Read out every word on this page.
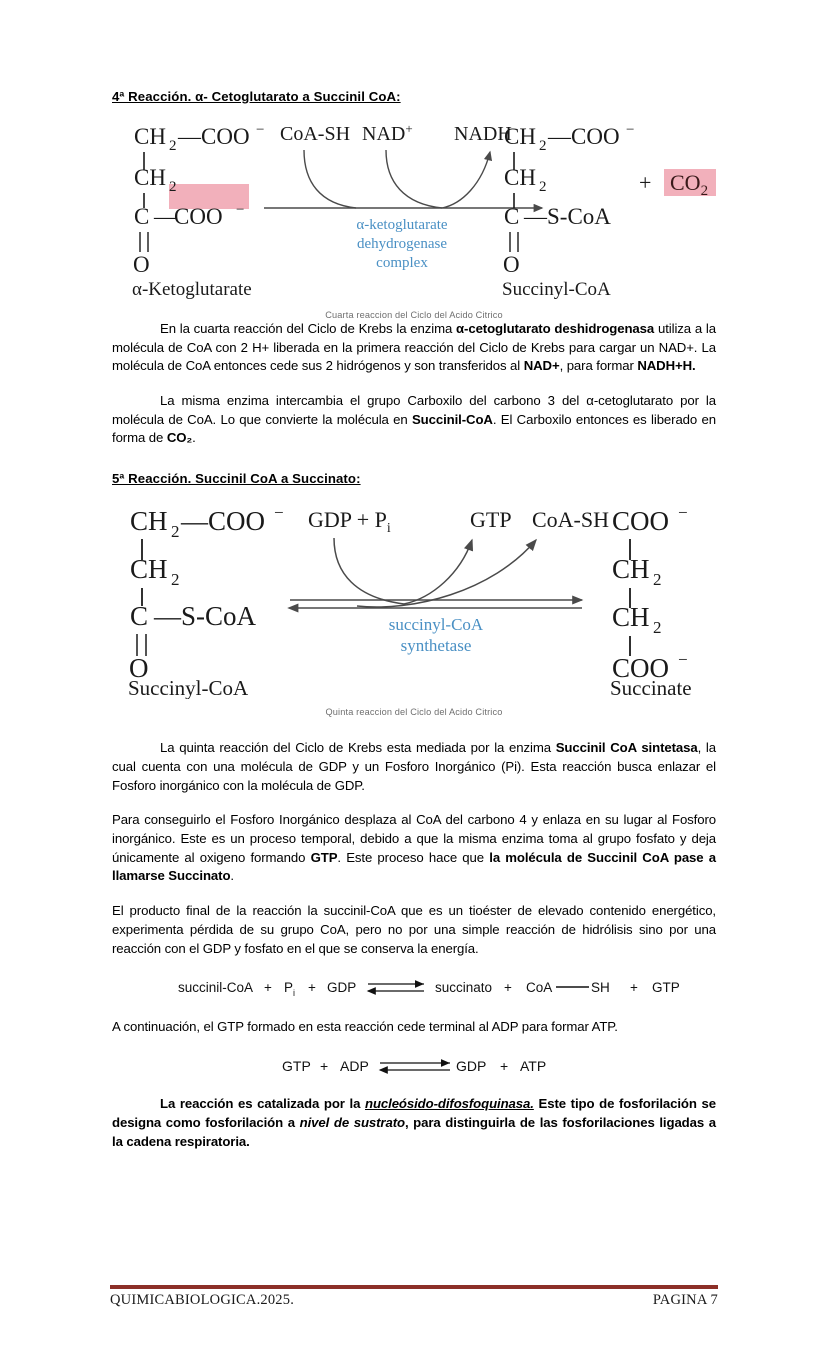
4ª Reacción. α- Cetoglutarato a Succinil CoA:
CH 2 —COO −
CH 2
C —
COO −
O
α-Ketoglutarate
CoA-SH NAD+ NADH
α-ketoglutarate
dehydrogenase
complex
CH 2 —COO −
CH 2
C —S-CoA
O
Succinyl-CoA
+ $CO_2$
Cuarta reaccion del Ciclo del Acido Citrico

En la cuarta reacción del Ciclo de Krebs la enzima α-cetoglutarato deshidrogenasa utiliza a la molécula de CoA con 2 H+ liberada en la primera reacción del Ciclo de Krebs para cargar un NAD+. La molécula de CoA entonces cede sus 2 hidrógenos y son transferidos al NAD+, para formar NADH+H.

La misma enzima intercambia el grupo Carboxilo del carbono 3 del α-cetoglutarato por la molécula de CoA. Lo que convierte la molécula en Succinil-CoA. El Carboxilo entonces es liberado en forma de CO₂.

5ª Reacción. Succinil CoA a Succinato:
CH 2 —COO −
CH 2
C —S-CoA
O
Succinyl-CoA
GDP + $P_i$	GTP CoA-SH
succinyl-CoA
synthetase
COO −
CH 2
CH 2
COO −
Succinate
Quinta reaccion del Ciclo del Acido Citrico

La quinta reacción del Ciclo de Krebs esta mediada por la enzima Succinil CoA sintetasa, la cual cuenta con una molécula de GDP y un Fosforo Inorgánico (Pi). Esta reacción busca enlazar el Fosforo inorgánico con la molécula de GDP.

Para conseguirlo el Fosforo Inorgánico desplaza al CoA del carbono 4 y enlaza en su lugar al Fosforo inorgánico. Este es un proceso temporal, debido a que la misma enzima toma al grupo fosfato y deja únicamente al oxigeno formando GTP. Este proceso hace que la molécula de Succinil CoA pase a llamarse Succinato.

El producto final de la reacción la succinil-CoA que es un tioéster de elevado contenido energético, experimenta pérdida de su grupo CoA, pero no por una simple reacción de hidrólisis sino por una reacción con el GDP y fosfato en el que se conserva la energía.

succinil-CoA + $P_i$ + GDP	succinato + CoA	SH + GTP

A continuación, el GTP formado en esta reacción cede terminal al ADP para formar ATP.

GTP + ADP	GDP + ATP

La reacción es catalizada por la nucleósido-difosfoquinasa. Este tipo de fosforilación se designa como fosforilación a nivel de sustrato, para distinguirla de las fosforilaciones ligadas a la cadena respiratoria.

QUIMICABIOLOGICA.2025.	PAGINA 7
